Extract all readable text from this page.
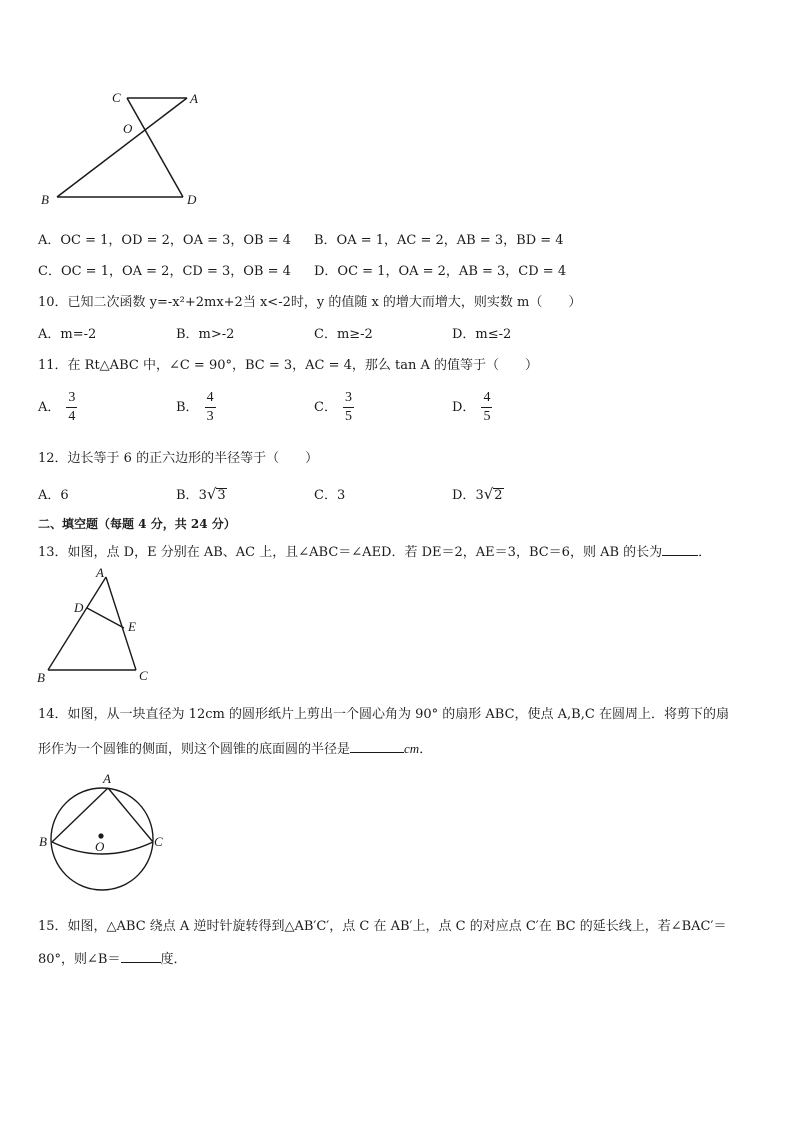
C	A
O
B	D
A．OC = 1，OD = 2，OA = 3，OB = 4 B．OA = 1，AC = 2，AB = 3，BD = 4
C．OC = 1，OA = 2，CD = 3，OB = 4 D．OC = 1，OA = 2，AB = 3，CD = 4
10．已知二次函数 y=-x²+2mx+2当 x<-2时，y 的值随 x 的增大而增大，则实数 m（　　）
A．m=-2	B．m>-2	C．m≥-2	D．m≤-2
11．在 Rt△ABC 中，∠C = 90°，BC = 3，AC = 4，那么 tan A 的值等于（　　）
A． $\frac{3}{4}$	B． $\frac{4}{3}$	C． $\frac{3}{5}$	D． $\frac{4}{5}$
12．边长等于 6 的正六边形的半径等于（　　）
A．6	B．3√3	C．3	D．3√2
二、填空题（每题 4 分，共 24 分）
13．如图，点 D，E 分别在 AB、AC 上，且∠ABC＝∠AED．若 DE＝2，AE＝3，BC＝6，则 AB 的长为	．
A
D
E
B	C
14．如图，从一块直径为 12cm 的圆形纸片上剪出一个圆心角为 90° 的扇形 ABC，使点 A,B,C 在圆周上．将剪下的扇
形作为一个圆锥的侧面，则这个圆锥的底面圆的半径是	cm．
A
B	C
O
15．如图，△ABC 绕点 A 逆时针旋转得到△AB′C′，点 C 在 AB′上，点 C 的对应点 C′在 BC 的延长线上，若∠BAC′＝
80°，则∠B＝	度．
